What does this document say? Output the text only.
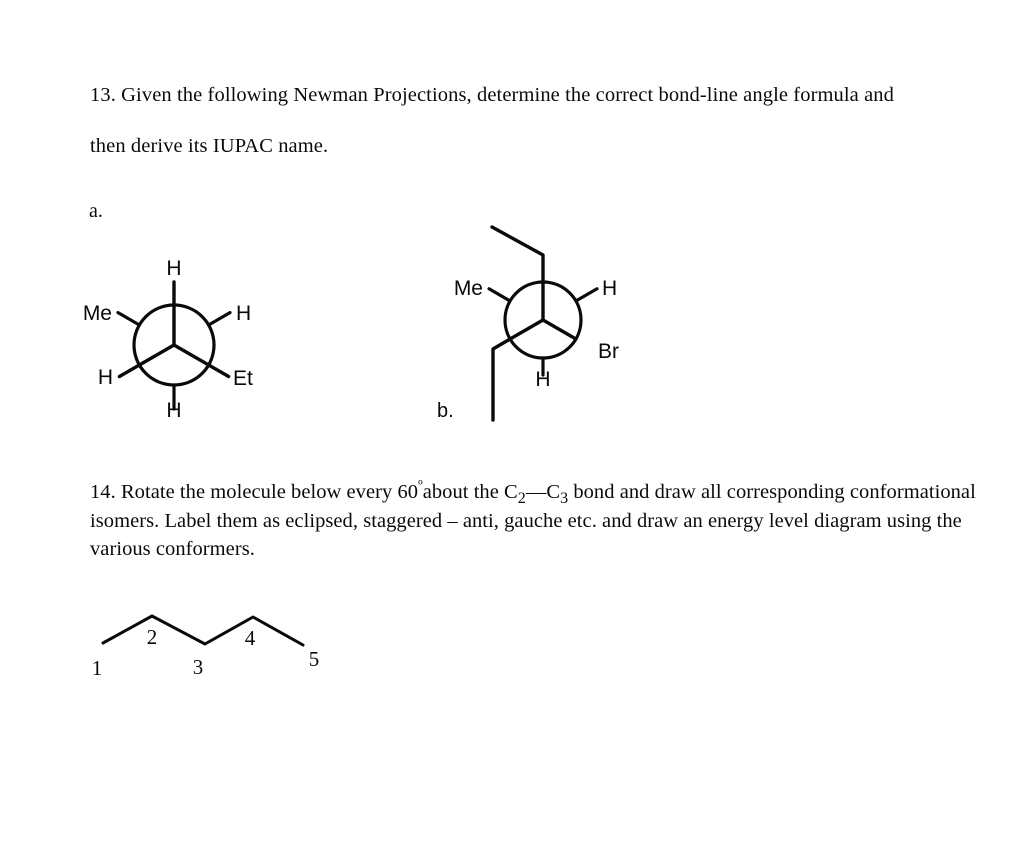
13. Given the following Newman Projections, determine the correct bond-line angle formula and
then derive its IUPAC name.
a.
H
Me	H
H	Et
H
Me	H
Br
H
b.
14. Rotate the molecule below every $60^ºabout$ the $C_2—C_3$ bond and draw all corresponding conformational isomers. Label them as eclipsed, staggered – anti, gauche etc. and draw an energy level diagram using the various conformers.
1
2
3
4
5
